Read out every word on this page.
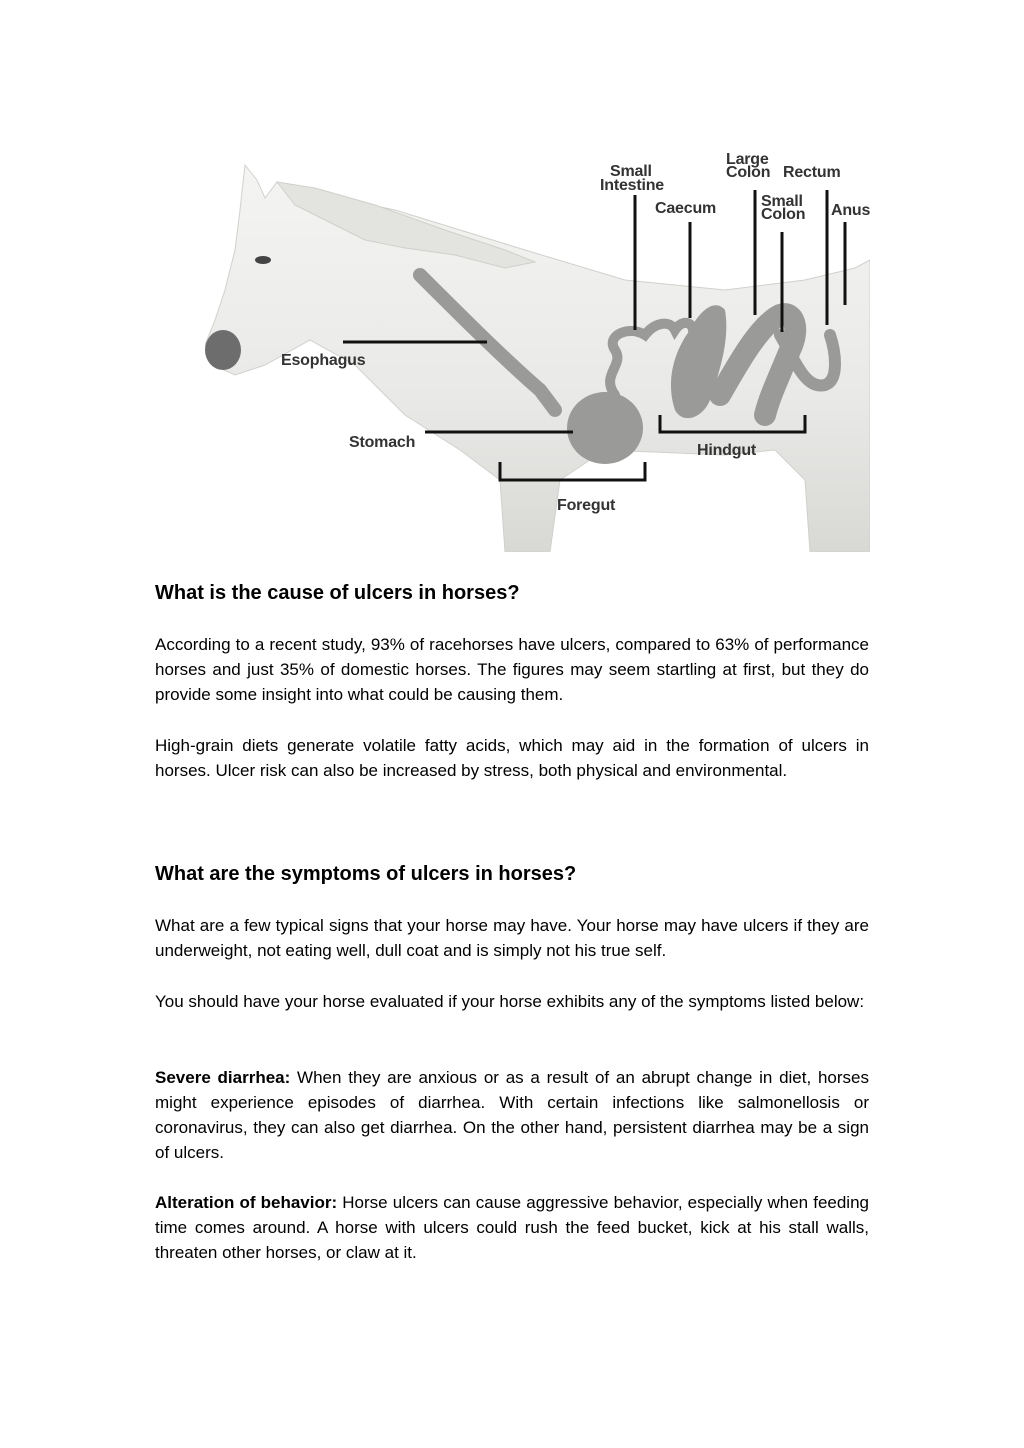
Small
Intestine
Large
Colon Rectum
Caecum	Small
Colon Anus
Esophagus
Stomach	Hindgut
Foregut
What is the cause of ulcers in horses?

According to a recent study, 93% of racehorses have ulcers, compared to 63% of performance horses and just 35% of domestic horses. The figures may seem startling at first, but they do provide some insight into what could be causing them.

High-grain diets generate volatile fatty acids, which may aid in the formation of ulcers in horses. Ulcer risk can also be increased by stress, both physical and environmental.

What are the symptoms of ulcers in horses?

What are a few typical signs that your horse may have. Your horse may have ulcers if they are underweight, not eating well, dull coat and is simply not his true self.

You should have your horse evaluated if your horse exhibits any of the symptoms listed below:

Severe diarrhea: When they are anxious or as a result of an abrupt change in diet, horses might experience episodes of diarrhea. With certain infections like salmonellosis or coronavirus, they can also get diarrhea. On the other hand, persistent diarrhea may be a sign of ulcers.

Alteration of behavior: Horse ulcers can cause aggressive behavior, especially when feeding time comes around. A horse with ulcers could rush the feed bucket, kick at his stall walls, threaten other horses, or claw at it.
